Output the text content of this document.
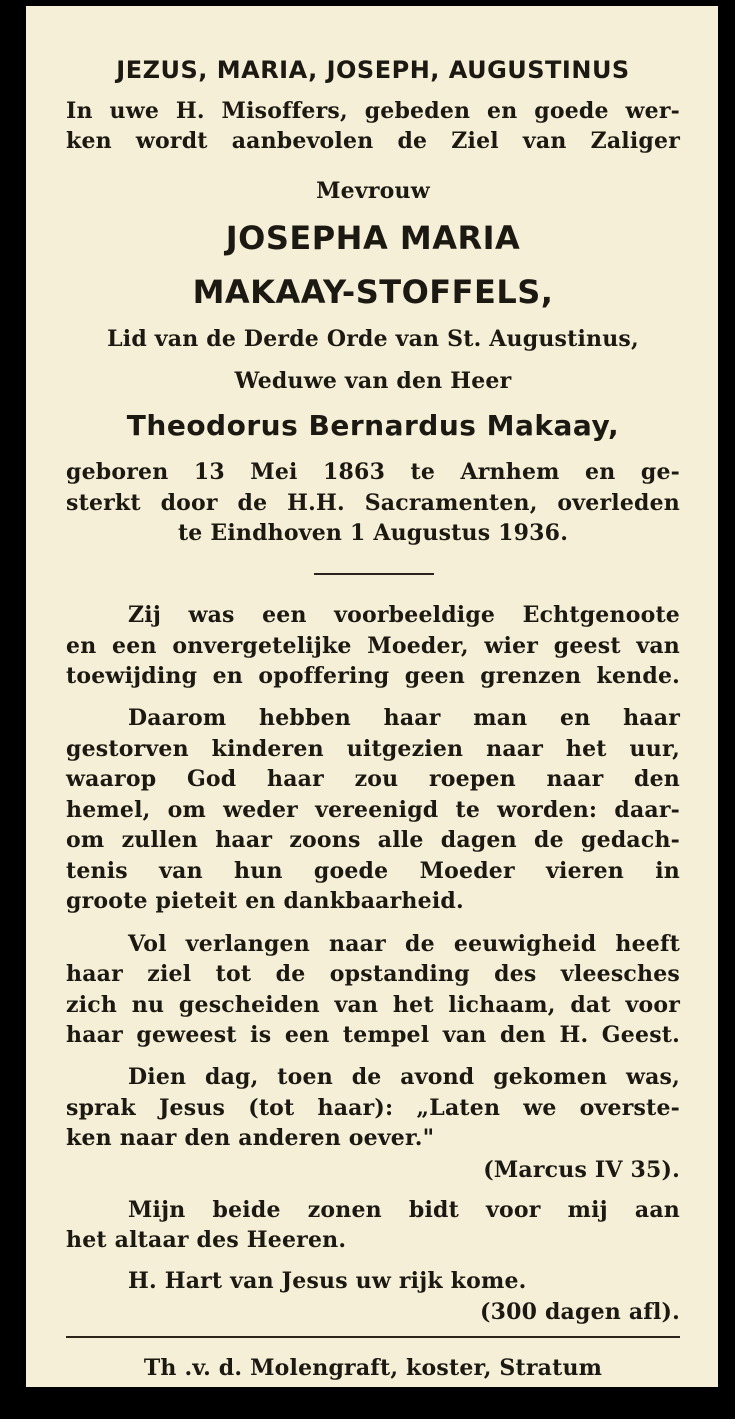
JEZUS, MARIA, JOSEPH, AUGUSTINUS
In uwe H. Misoffers, gebeden en goede wer-
ken wordt aanbevolen de Ziel van Zaliger
Mevrouw
JOSEPHA MARIA
MAKAAY-STOFFELS,
Lid van de Derde Orde van St. Augustinus,
Weduwe van den Heer
Theodorus Bernardus Makaay,
geboren 13 Mei 1863 te Arnhem en ge-
sterkt door de H.H. Sacramenten, overleden
te Eindhoven 1 Augustus 1936.
Zij was een voorbeeldige Echtgenoote
en een onvergetelijke Moeder, wier geest van
toewijding en opoffering geen grenzen kende.
Daarom hebben haar man en haar
gestorven kinderen uitgezien naar het uur,
waarop God haar zou roepen naar den
hemel, om weder vereenigd te worden: daar-
om zullen haar zoons alle dagen de gedach-
tenis van hun goede Moeder vieren in
groote pieteit en dankbaarheid.
Vol verlangen naar de eeuwigheid heeft
haar ziel tot de opstanding des vleesches
zich nu gescheiden van het lichaam, dat voor
haar geweest is een tempel van den H. Geest.
Dien dag, toen de avond gekomen was,
sprak Jesus (tot haar): „Laten we overste-
ken naar den anderen oever."
(Marcus IV 35).
Mijn beide zonen bidt voor mij aan
het altaar des Heeren.
H. Hart van Jesus uw rijk kome.
(300 dagen afl).
Th .v. d. Molengraft, koster, Stratum
